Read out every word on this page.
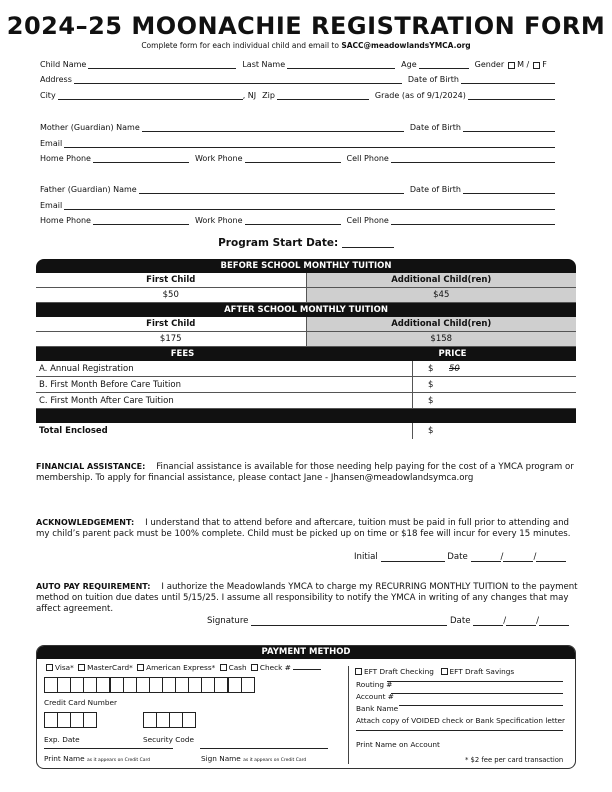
2024–25 MOONACHIE REGISTRATION FORM
Complete form for each individual child and email to SACC@meadowlandsYMCA.org
Child Name	Last Name	Age	Gender M / F
Address	Date of Birth
City	, NJ Zip	Grade (as of 9/1/2024)
Mother (Guardian) Name	Date of Birth
Email
Home Phone	Work Phone	Cell Phone
Father (Guardian) Name	Date of Birth
Email
Home Phone	Work Phone	Cell Phone
Program Start Date:
BEFORE SCHOOL MONTHLY TUITION
First Child	Additional Child(ren)
$50	$45
AFTER SCHOOL MONTHLY TUITION
First Child	Additional Child(ren)
$175	$158
FEES	PRICE
A. Annual Registration	$ 50
B. First Month Before Care Tuition	$
C. First Month After Care Tuition	$
Total Enclosed	$
FINANCIAL ASSISTANCE: Financial assistance is available for those needing help paying for the cost of a YMCA program or membership. To apply for financial assistance, please contact Jane - Jhansen@meadowlandsymca.org
ACKNOWLEDGEMENT: I understand that to attend before and aftercare, tuition must be paid in full prior to attending and my child’s parent pack must be 100% complete. Child must be picked up on time or $18 fee will incur for every 15 minutes.
Initial

	Date
	/	/
AUTO PAY REQUIREMENT: I authorize the Meadowlands YMCA to charge my RECURRING MONTHLY TUITION to the payment method on tuition due dates until 5/15/25. I assume all responsibility to notify the YMCA in writing of any changes that may affect agreement.
Signature

	Date
	/	/
PAYMENT METHOD
Visa* MasterCard* American Express* Cash Check #
Credit Card Number
Exp. Date	Security Code
Print Name as it appears on Credit Card	Sign Name as it appears on Credit Card
EFT Draft Checking EFT Draft Savings
Routing #
Account #
Bank Name
Attach copy of VOIDED check or Bank Specification letter
Print Name on Account
* $2 fee per card transaction
